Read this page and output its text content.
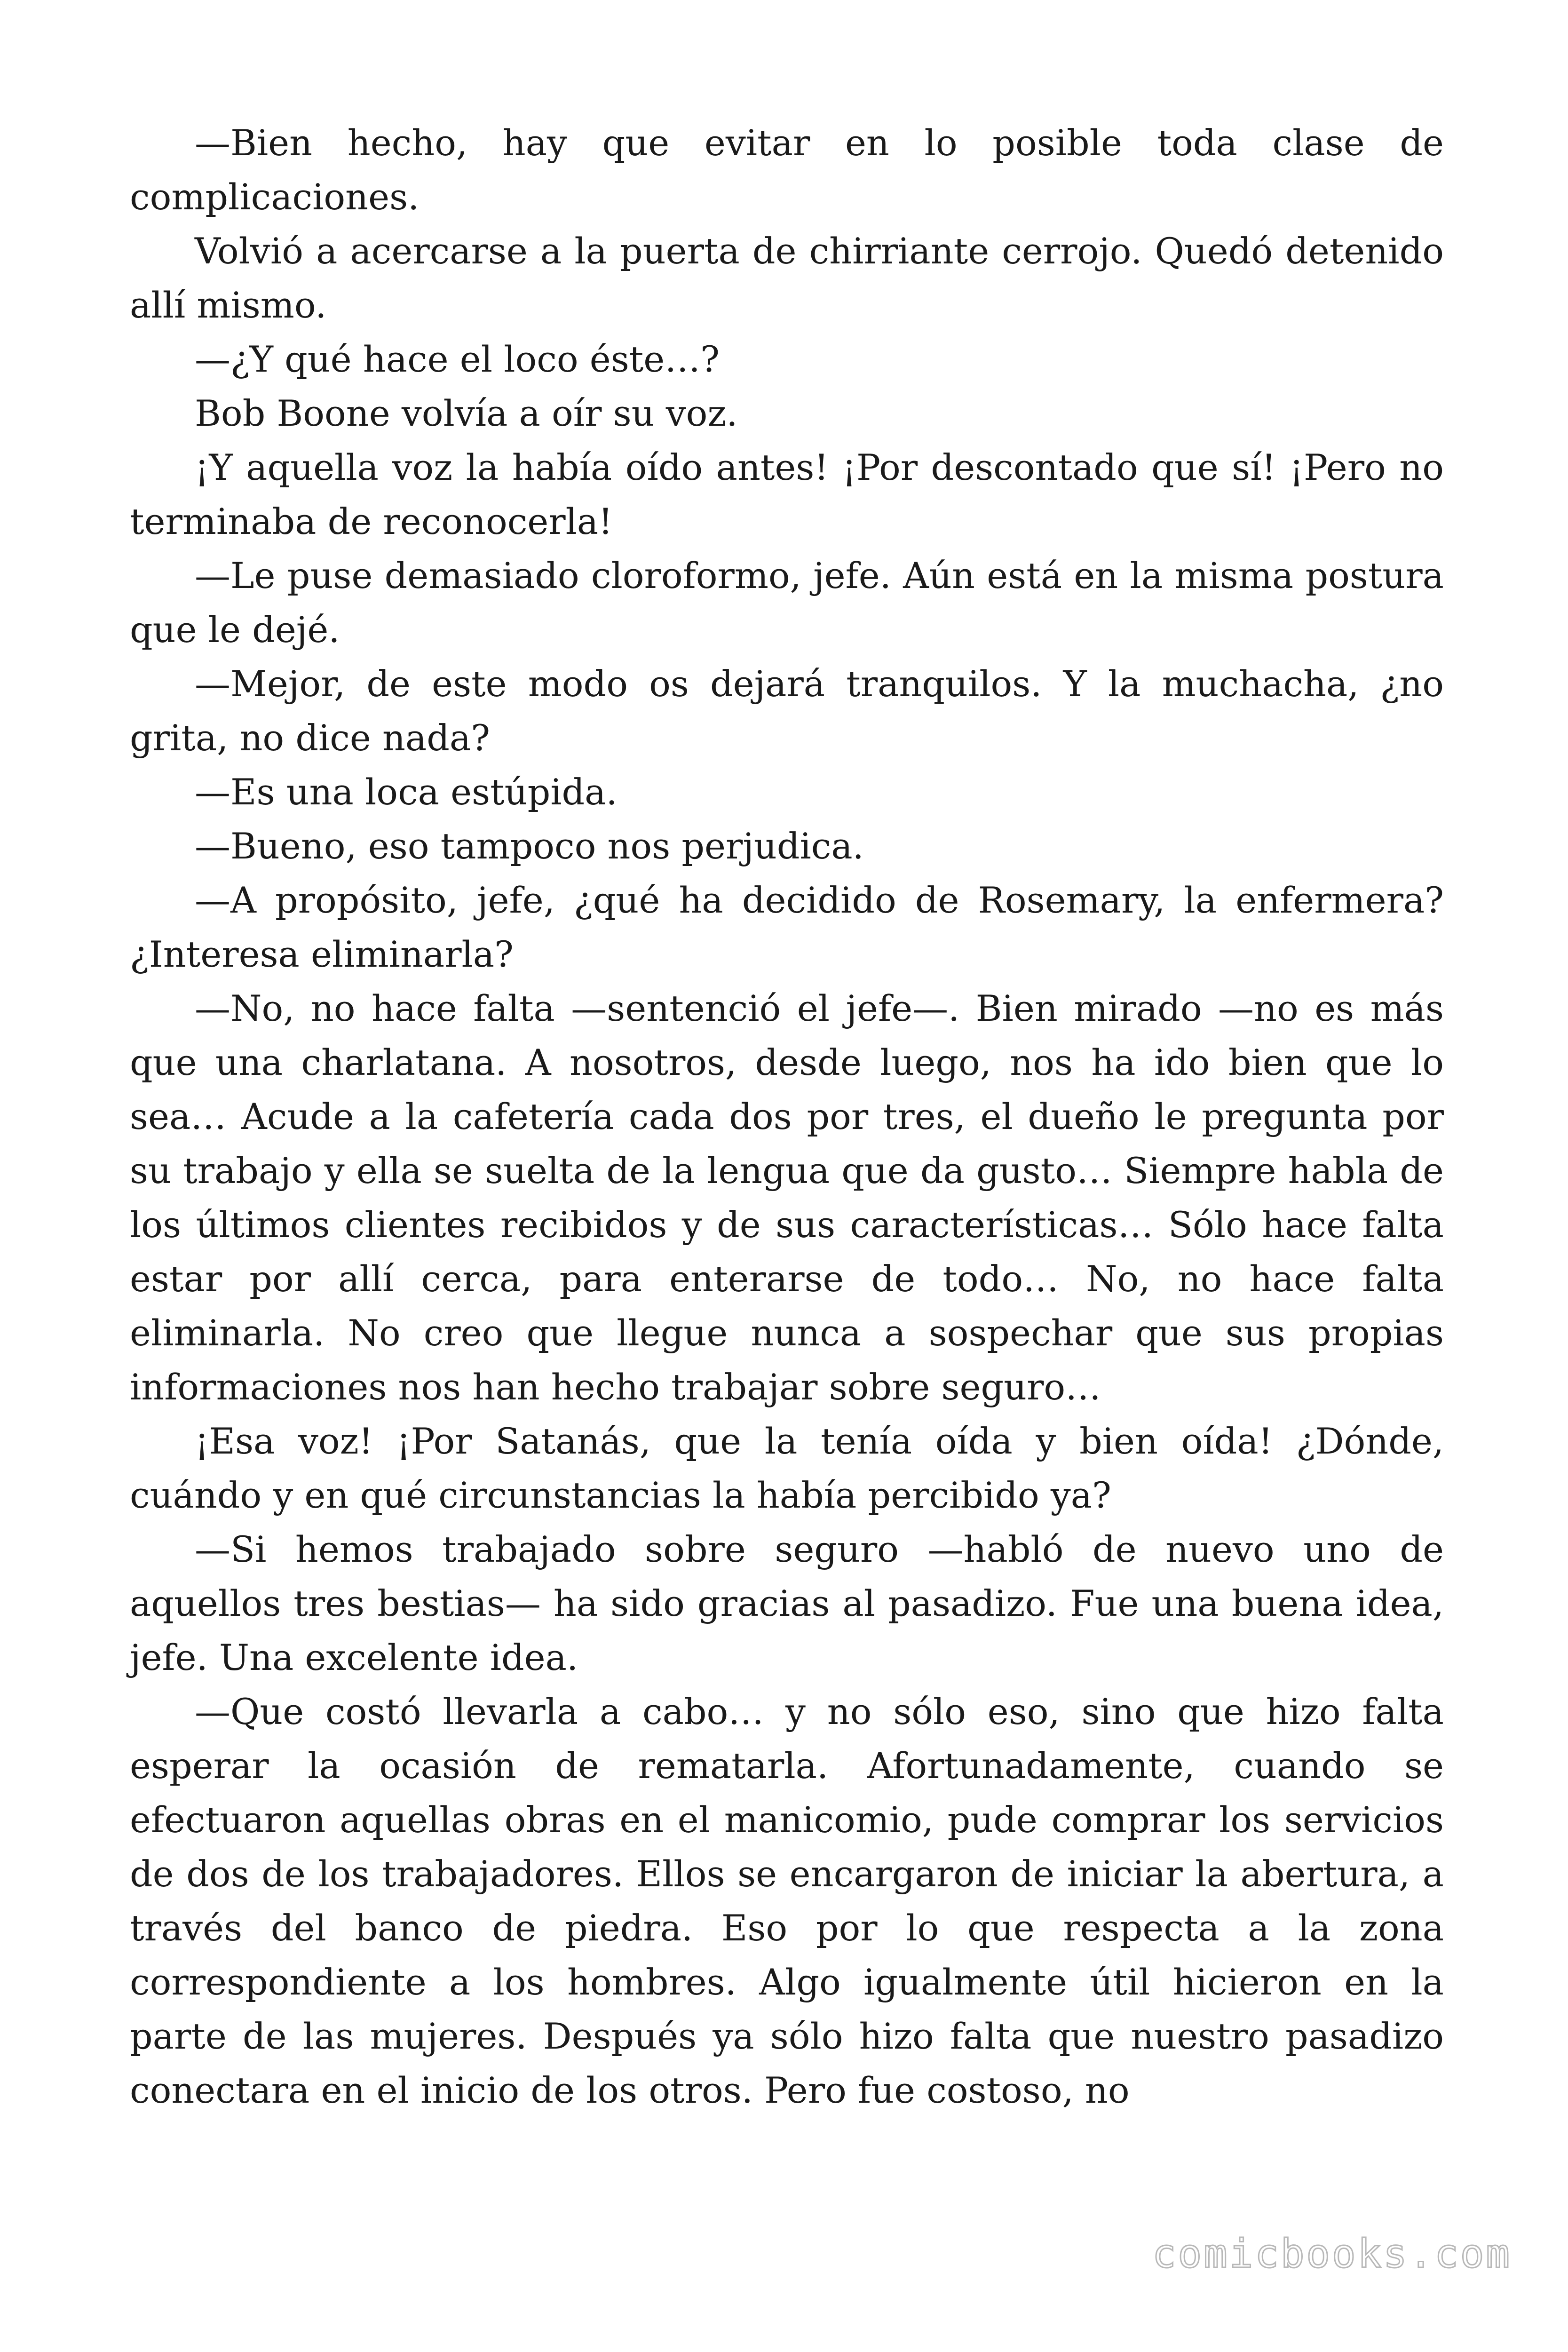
—Bien hecho, hay que evitar en lo posible toda clase de complicaciones.

Volvió a acercarse a la puerta de chirriante cerrojo. Quedó detenido allí mismo.

—¿Y qué hace el loco éste…?

Bob Boone volvía a oír su voz.

¡Y aquella voz la había oído antes! ¡Por descontado que sí! ¡Pero no terminaba de reconocerla!

—Le puse demasiado cloroformo, jefe. Aún está en la misma postura que le dejé.

—Mejor, de este modo os dejará tranquilos. Y la muchacha, ¿no grita, no dice nada?

—Es una loca estúpida.

—Bueno, eso tampoco nos perjudica.

—A propósito, jefe, ¿qué ha decidido de Rosemary, la enfermera? ¿Interesa eliminarla?

—No, no hace falta —sentenció el jefe—. Bien mirado —no es más que una charlatana. A nosotros, desde luego, nos ha ido bien que lo sea… Acude a la cafetería cada dos por tres, el dueño le pregunta por su trabajo y ella se suelta de la lengua que da gusto… Siempre habla de los últimos clientes recibidos y de sus características… Sólo hace falta estar por allí cerca, para enterarse de todo… No, no hace falta eliminarla. No creo que llegue nunca a sospechar que sus propias informaciones nos han hecho trabajar sobre seguro…

¡Esa voz! ¡Por Satanás, que la tenía oída y bien oída! ¿Dónde, cuándo y en qué circunstancias la había percibido ya?

—Si hemos trabajado sobre seguro —habló de nuevo uno de aquellos tres bestias— ha sido gracias al pasadizo. Fue una buena idea, jefe. Una excelente idea.

—Que costó llevarla a cabo… y no sólo eso, sino que hizo falta esperar la ocasión de rematarla. Afortunadamente, cuando se efectuaron aquellas obras en el manicomio, pude comprar los servicios de dos de los trabajadores. Ellos se encargaron de iniciar la abertura, a través del banco de piedra. Eso por lo que respecta a la zona correspondiente a los hombres. Algo igualmente útil hicieron en la parte de las mujeres. Después ya sólo hizo falta que nuestro pasadizo conectara en el inicio de los otros. Pero fue costoso, no

comicbooks.com
